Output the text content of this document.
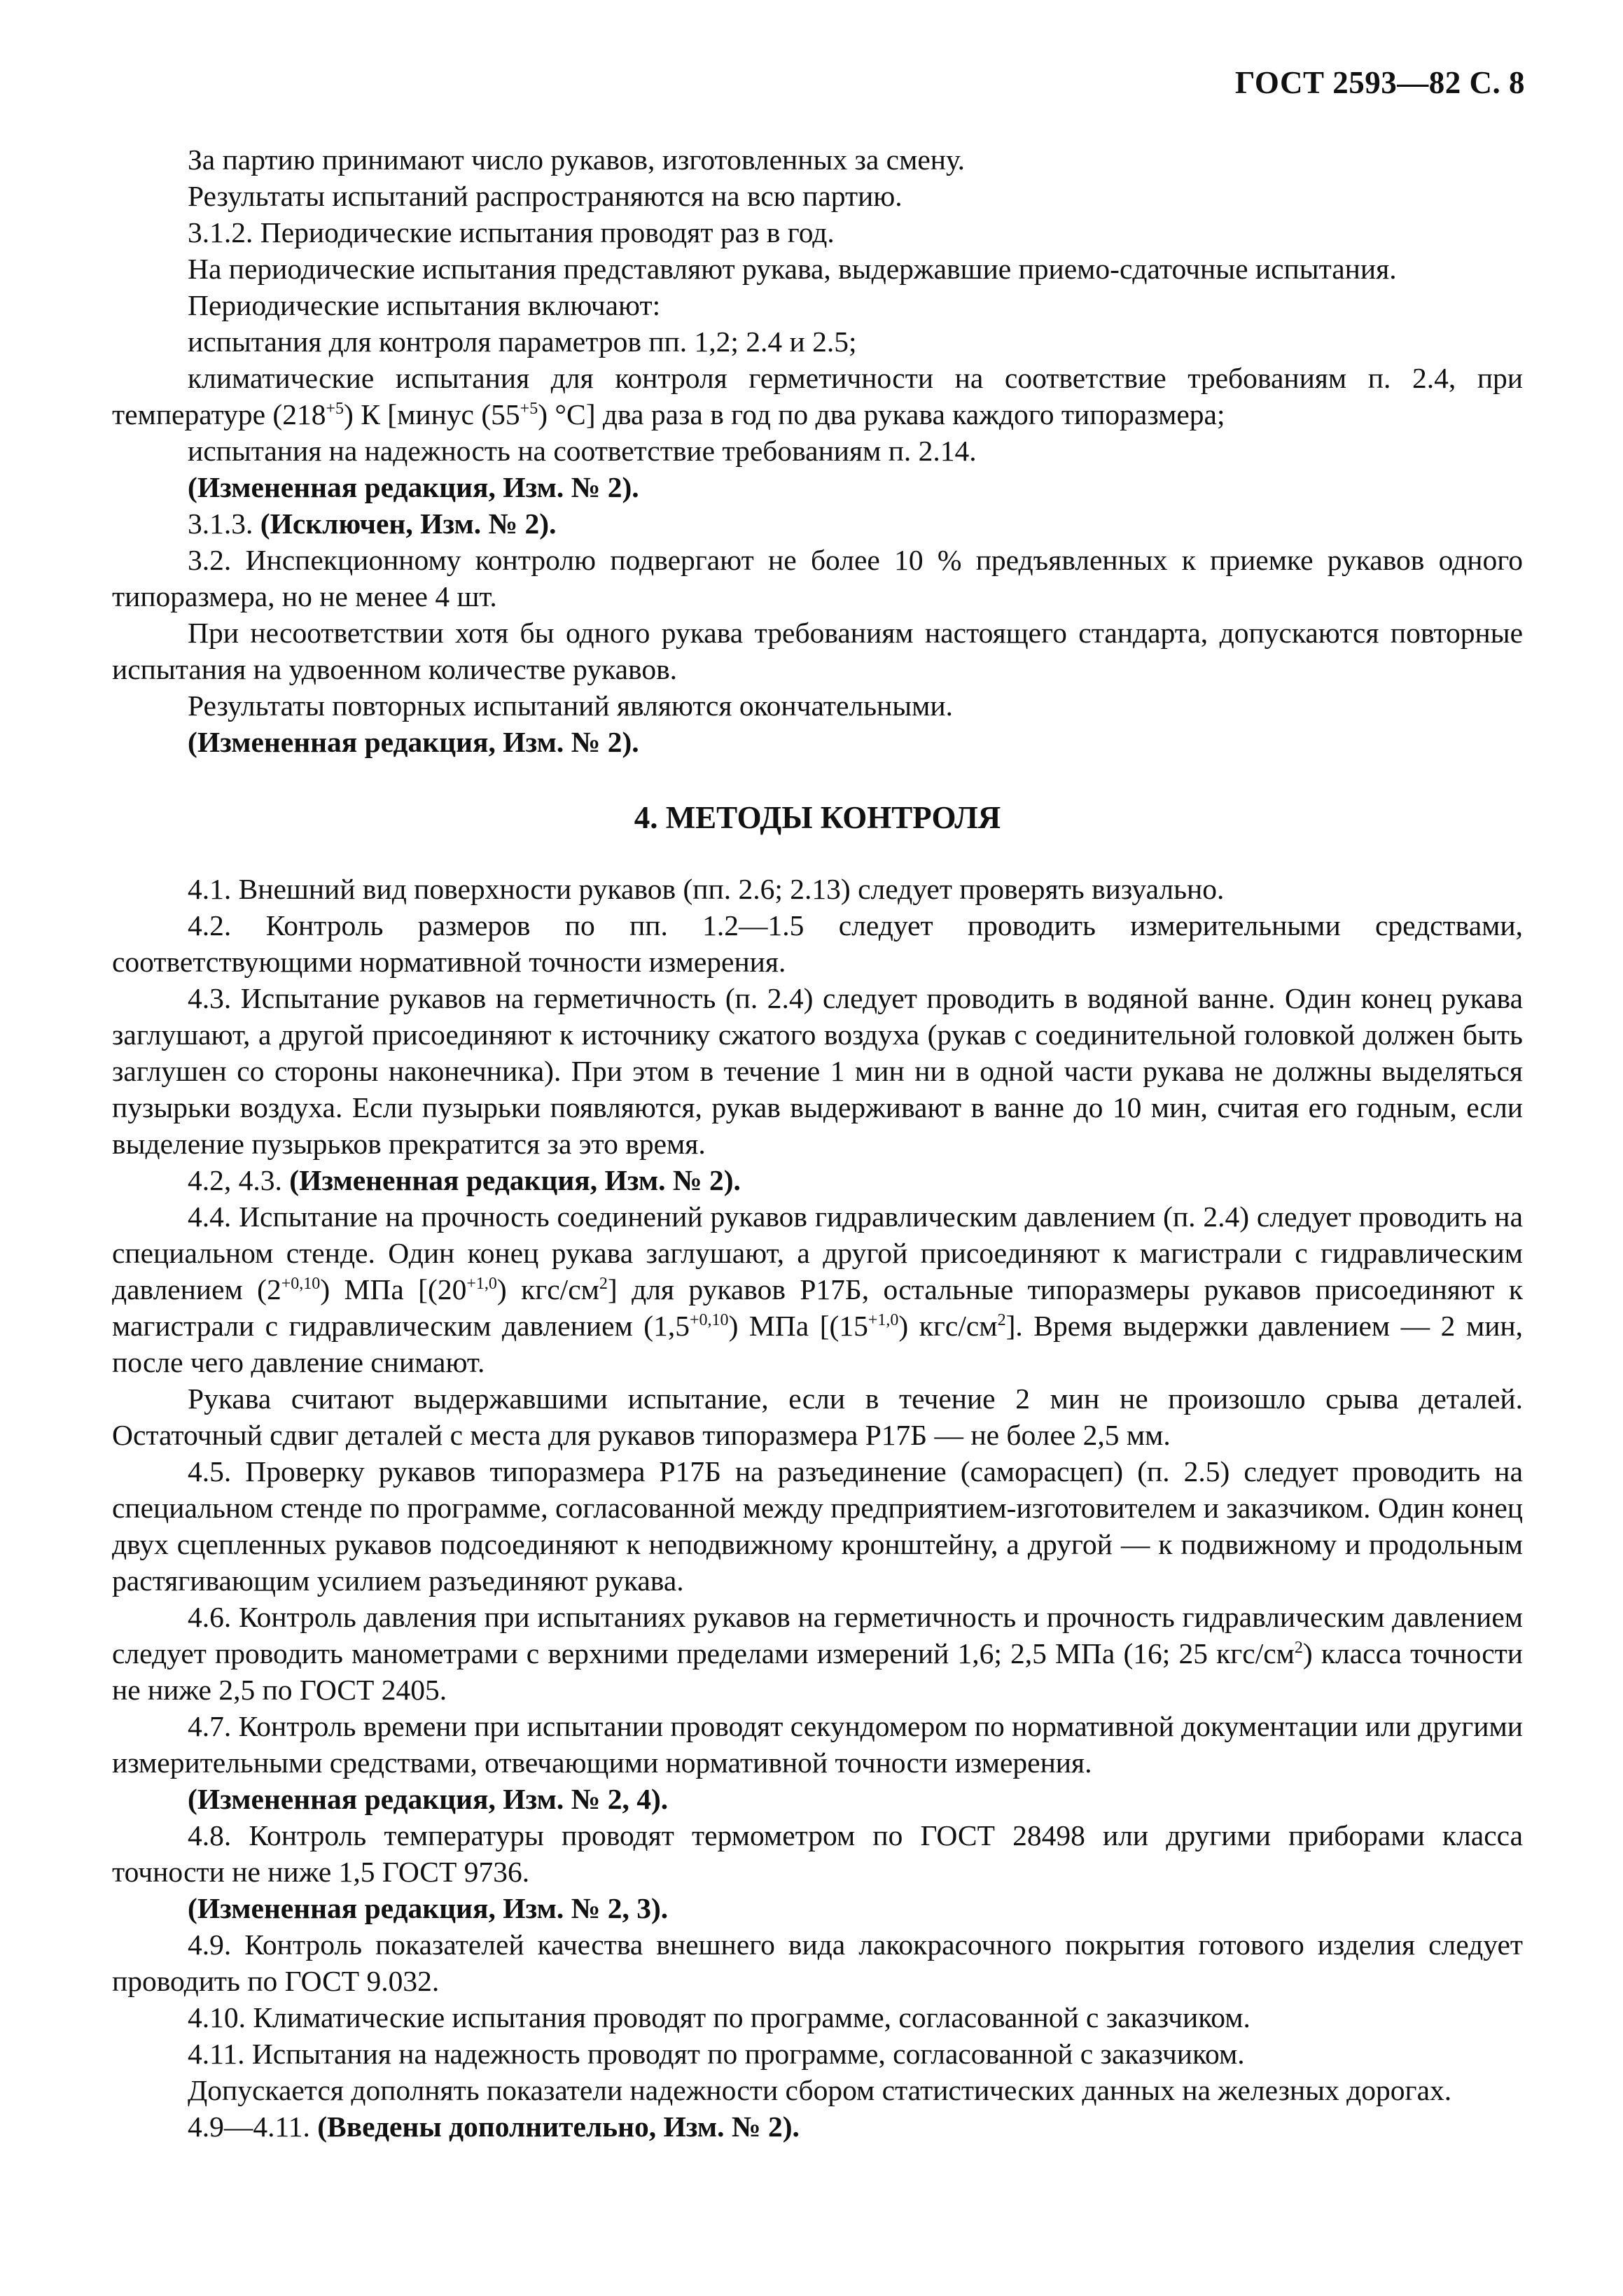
ГОСТ 2593—82 С. 8

За партию принимают число рукавов, изготовленных за смену.

Результаты испытаний распространяются на всю партию.

3.1.2. Периодические испытания проводят раз в год.

На периодические испытания представляют рукава, выдержавшие приемо-сдаточные испытания.

Периодические испытания включают:

испытания для контроля параметров пп. 1,2; 2.4 и 2.5;

климатические испытания для контроля герметичности на соответствие требованиям п. 2.4, при температуре $(218^{+5})$ К [минус $(55^{+5})$ °С] два раза в год по два рукава каждого типоразмера;

испытания на надежность на соответствие требованиям п. 2.14.

(Измененная редакция, Изм. № 2).

3.1.3. (Исключен, Изм. № 2).

3.2. Инспекционному контролю подвергают не более 10 % предъявленных к приемке рукавов одного типоразмера, но не менее 4 шт.

При несоответствии хотя бы одного рукава требованиям настоящего стандарта, допускаются повторные испытания на удвоенном количестве рукавов.

Результаты повторных испытаний являются окончательными.

(Измененная редакция, Изм. № 2).

4. МЕТОДЫ КОНТРОЛЯ

4.1. Внешний вид поверхности рукавов (пп. 2.6; 2.13) следует проверять визуально.

4.2. Контроль размеров по пп. 1.2—1.5 следует проводить измерительными средствами, соответствующими нормативной точности измерения.

4.3. Испытание рукавов на герметичность (п. 2.4) следует проводить в водяной ванне. Один конец рукава заглушают, а другой присоединяют к источнику сжатого воздуха (рукав с соединительной головкой должен быть заглушен со стороны наконечника). При этом в течение 1 мин ни в одной части рукава не должны выделяться пузырьки воздуха. Если пузырьки появляются, рукав выдерживают в ванне до 10 мин, считая его годным, если выделение пузырьков прекратится за это время.

4.2, 4.3. (Измененная редакция, Изм. № 2).

4.4. Испытание на прочность соединений рукавов гидравлическим давлением (п. 2.4) следует проводить на специальном стенде. Один конец рукава заглушают, а другой присоединяют к магистрали с гидравлическим давлением $(2^{+0,10})$ МПа [$(20^{+1,0})$ кгс/$см^2$] для рукавов Р17Б, остальные типоразмеры рукавов присоединяют к магистрали с гидравлическим давлением $(1,5^{+0,10})$ МПа [$(15^{+1,0})$ кгс/$см^2$]. Время выдержки давлением — 2 мин, после чего давление снимают.

Рукава считают выдержавшими испытание, если в течение 2 мин не произошло срыва деталей. Остаточный сдвиг деталей с места для рукавов типоразмера Р17Б — не более 2,5 мм.

4.5. Проверку рукавов типоразмера Р17Б на разъединение (саморасцеп) (п. 2.5) следует проводить на специальном стенде по программе, согласованной между предприятием-изготовителем и заказчиком. Один конец двух сцепленных рукавов подсоединяют к неподвижному кронштейну, а другой — к подвижному и продольным растягивающим усилием разъединяют рукава.

4.6. Контроль давления при испытаниях рукавов на герметичность и прочность гидравлическим давлением следует проводить манометрами с верхними пределами измерений 1,6; 2,5 МПа (16; 25 кгс/$см^2$) класса точности не ниже 2,5 по ГОСТ 2405.

4.7. Контроль времени при испытании проводят секундомером по нормативной документации или другими измерительными средствами, отвечающими нормативной точности измерения.

(Измененная редакция, Изм. № 2, 4).

4.8. Контроль температуры проводят термометром по ГОСТ 28498 или другими приборами класса точности не ниже 1,5 ГОСТ 9736.

(Измененная редакция, Изм. № 2, 3).

4.9. Контроль показателей качества внешнего вида лакокрасочного покрытия готового изделия следует проводить по ГОСТ 9.032.

4.10. Климатические испытания проводят по программе, согласованной с заказчиком.

4.11. Испытания на надежность проводят по программе, согласованной с заказчиком.

Допускается дополнять показатели надежности сбором статистических данных на железных дорогах.

4.9—4.11. (Введены дополнительно, Изм. № 2).
